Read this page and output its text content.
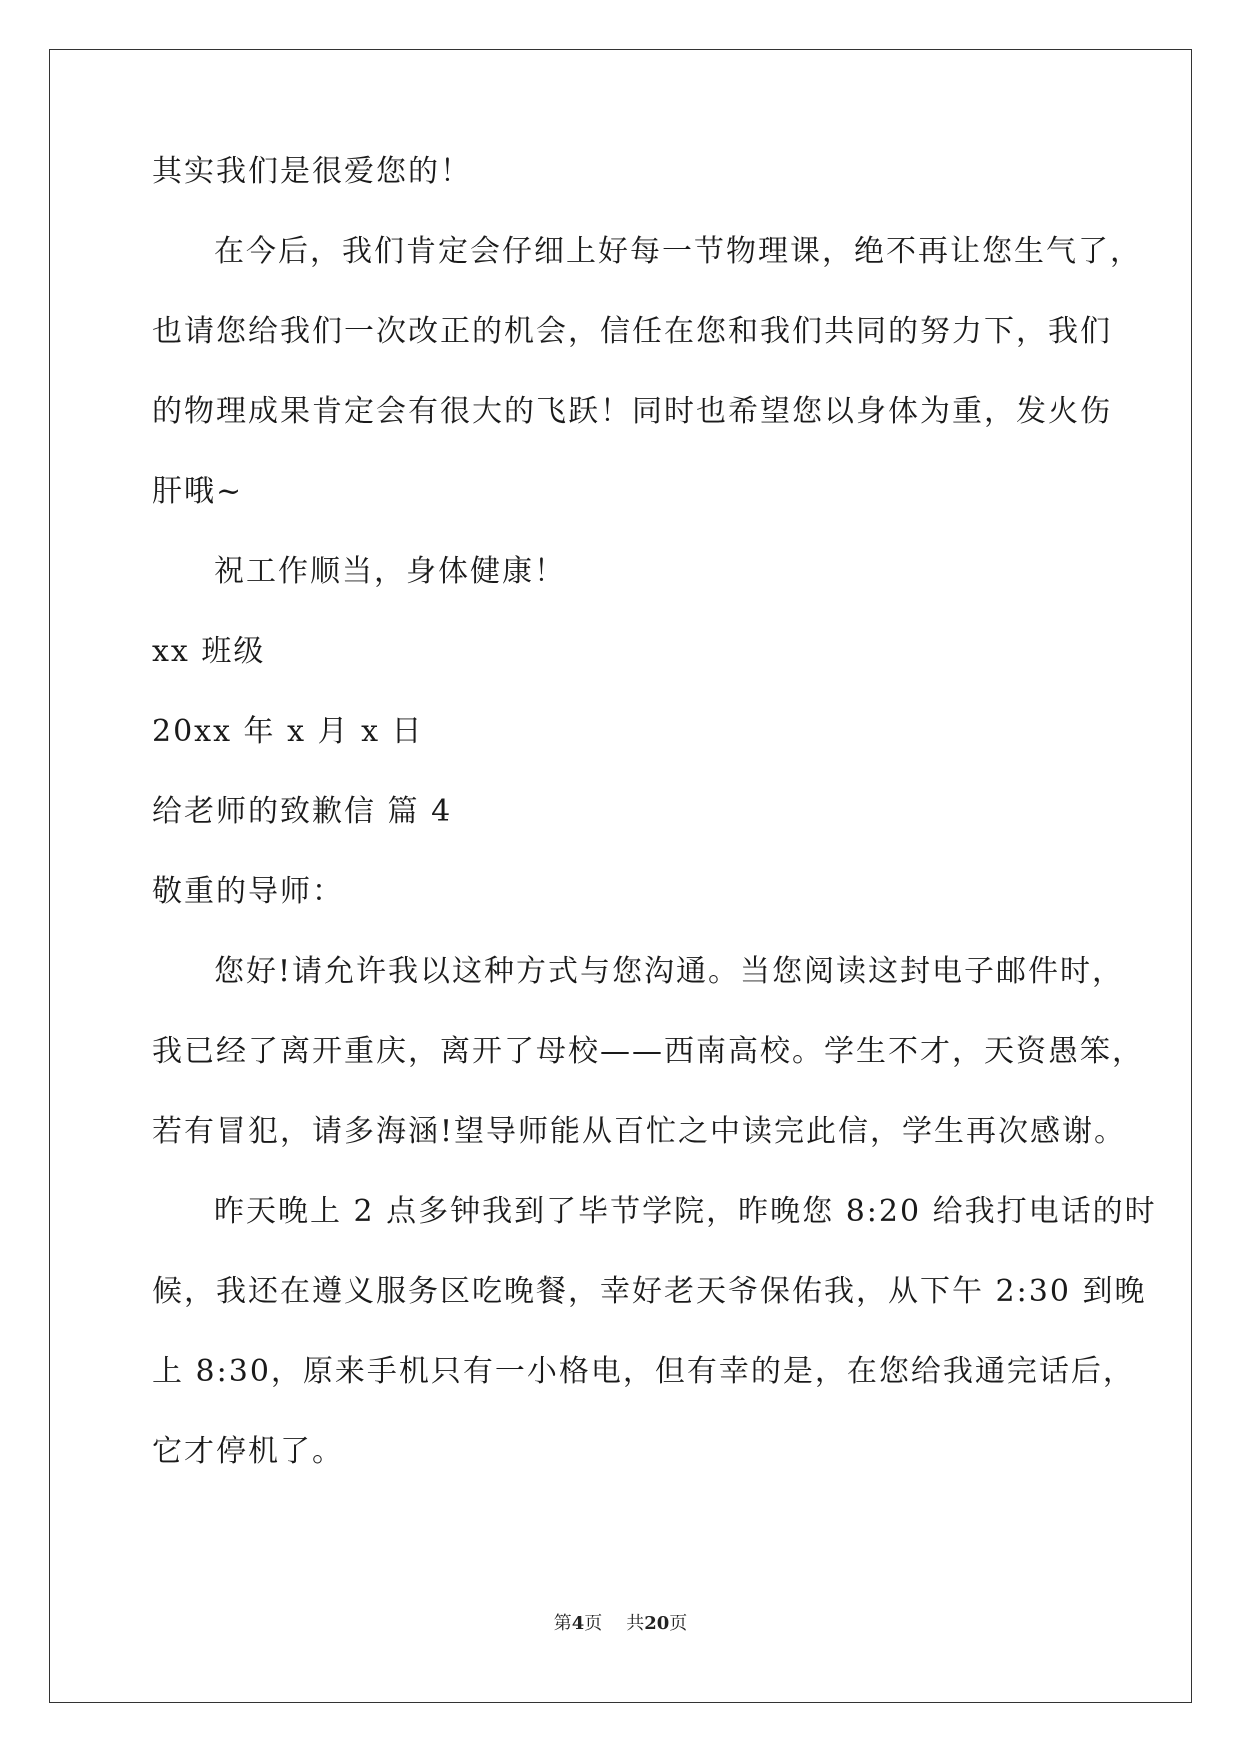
其实我们是很爱您的！
在今后，我们肯定会仔细上好每一节物理课，绝不再让您生气了，
也请您给我们一次改正的机会，信任在您和我们共同的努力下，我们
的物理成果肯定会有很大的飞跃！同时也希望您以身体为重，发火伤
肝哦~
祝工作顺当，身体健康！
xx 班级
20xx 年 x 月 x 日
给老师的致歉信 篇 4
敬重的导师：
您好!请允许我以这种方式与您沟通。当您阅读这封电子邮件时，
我已经了离开重庆，离开了母校——西南高校。学生不才，天资愚笨，
若有冒犯，请多海涵!望导师能从百忙之中读完此信，学生再次感谢。
昨天晚上 2 点多钟我到了毕节学院，昨晚您 8:20 给我打电话的时
候，我还在遵义服务区吃晚餐，幸好老天爷保佑我，从下午 2:30 到晚
上 8:30，原来手机只有一小格电，但有幸的是，在您给我通完话后，
它才停机了。
第4页 共20页
